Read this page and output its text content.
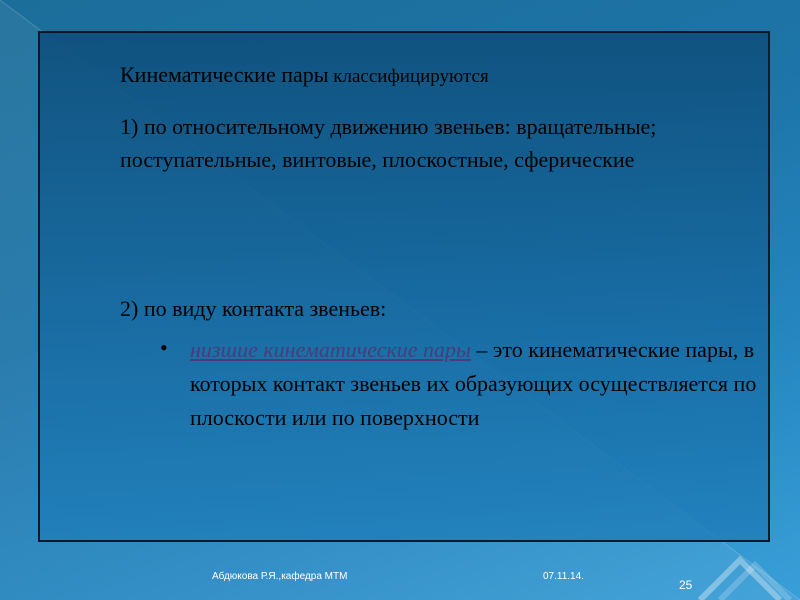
Кинематические пары классифицируются
1) по относительному движению звеньев: вращательные; поступательные, винтовые, плоскостные, сферические
2) по виду контакта звеньев:
• низшие кинематические пары – это кинематические пары, в которых контакт звеньев их образующих осуществляется по плоскости или по поверхности
Абдюкова Р.Я.,кафедра МТМ	07.11.14.
25
